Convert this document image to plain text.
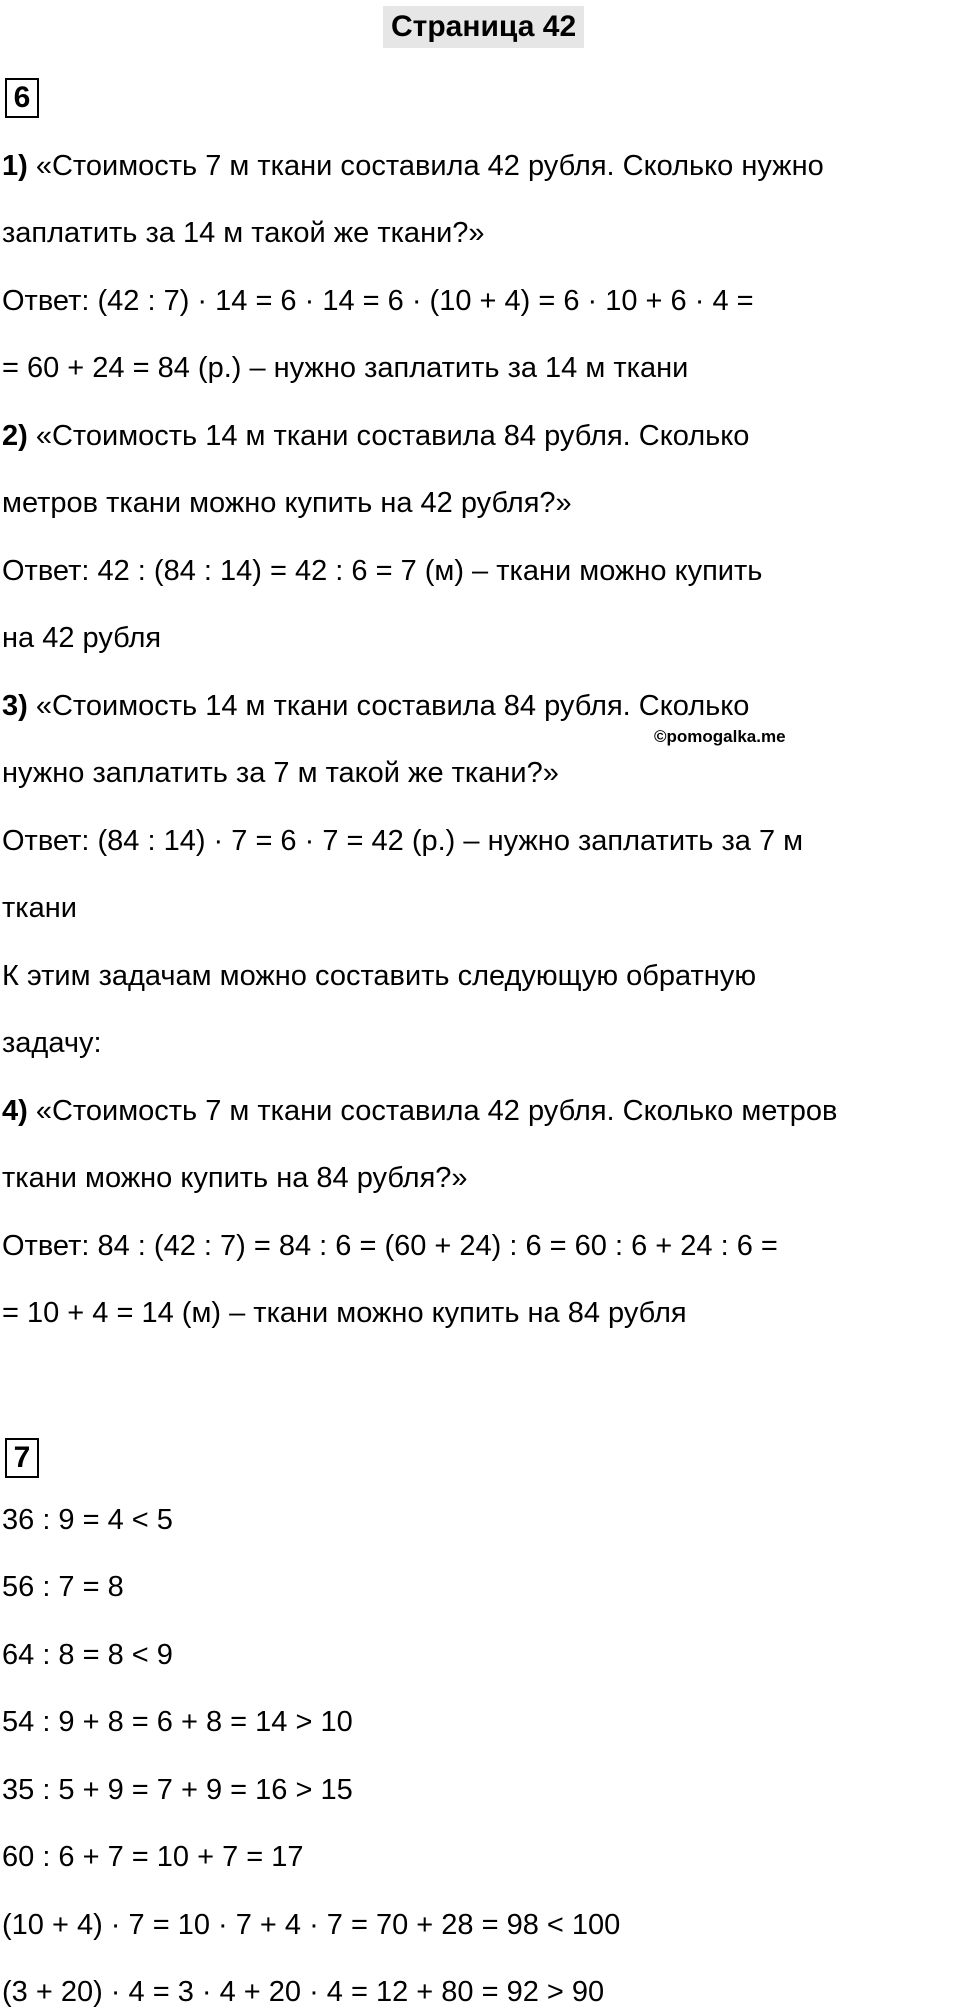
Страница 42
6
1) «Стоимость 7 м ткани составила 42 рубля. Сколько нужно
заплатить за 14 м такой же ткани?»
Ответ: (42 : 7) · 14 = 6 · 14 = 6 · (10 + 4) = 6 · 10 + 6 · 4 =
= 60 + 24 = 84 (р.) – нужно заплатить за 14 м ткани
2) «Стоимость 14 м ткани составила 84 рубля. Сколько
метров ткани можно купить на 42 рубля?»
Ответ: 42 : (84 : 14) = 42 : 6 = 7 (м) – ткани можно купить
на 42 рубля
3) «Стоимость 14 м ткани составила 84 рубля. Сколько
нужно заплатить за 7 м такой же ткани?»
Ответ: (84 : 14) · 7 = 6 · 7 = 42 (р.) – нужно заплатить за 7 м
ткани
К этим задачам можно составить следующую обратную
задачу:
4) «Стоимость 7 м ткани составила 42 рубля. Сколько метров
ткани можно купить на 84 рубля?»
Ответ: 84 : (42 : 7) = 84 : 6 = (60 + 24) : 6 = 60 : 6 + 24 : 6 =
= 10 + 4 = 14 (м) – ткани можно купить на 84 рубля
©pomogalka.me
7
36 : 9 = 4 < 5
56 : 7 = 8
64 : 8 = 8 < 9
54 : 9 + 8 = 6 + 8 = 14 > 10
35 : 5 + 9 = 7 + 9 = 16 > 15
60 : 6 + 7 = 10 + 7 = 17
(10 + 4) · 7 = 10 · 7 + 4 · 7 = 70 + 28 = 98 < 100
(3 + 20) · 4 = 3 · 4 + 20 · 4 = 12 + 80 = 92 > 90
